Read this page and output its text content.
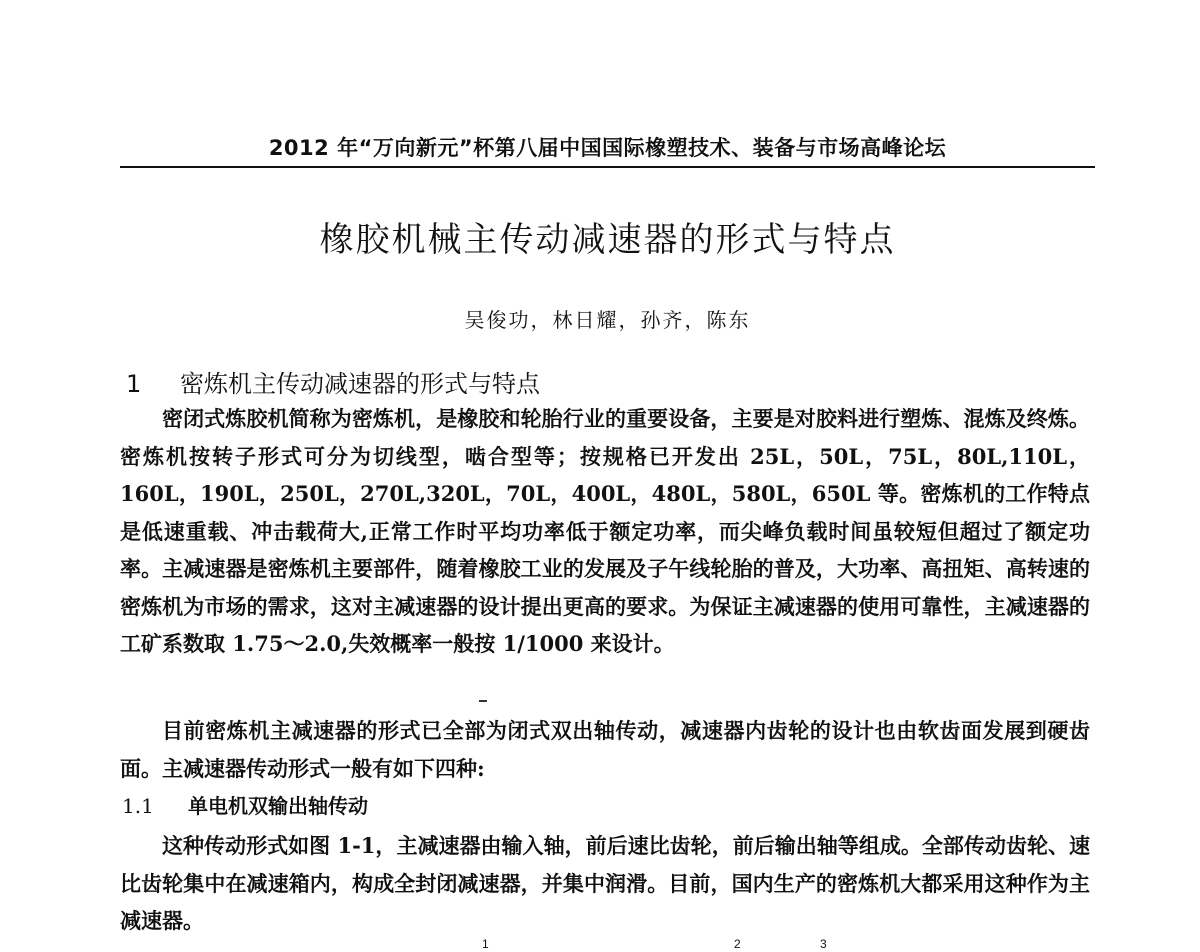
2012 年“万向新元”杯第八届中国国际橡塑技术、装备与市场高峰论坛
橡胶机械主传动减速器的形式与特点
吴俊功，林日耀，孙齐，陈东
1 密炼机主传动减速器的形式与特点
密闭式炼胶机简称为密炼机，是橡胶和轮胎行业的重要设备，主要是对胶料进行塑炼、混炼及终炼。密炼机按转子形式可分为切线型，啮合型等；按规格已开发出 25L，50L，75L，80L,110L，160L，190L，250L，270L,320L，70L，400L，480L，580L，650L 等。密炼机的工作特点是低速重载、冲击载荷大,正常工作时平均功率低于额定功率，而尖峰负载时间虽较短但超过了额定功率。主减速器是密炼机主要部件，随着橡胶工业的发展及子午线轮胎的普及，大功率、高扭矩、高转速的密炼机为市场的需求，这对主减速器的设计提出更高的要求。为保证主减速器的使用可靠性，主减速器的工矿系数取 1.75～2.0,失效概率一般按 1/1000 来设计。
目前密炼机主减速器的形式已全部为闭式双出轴传动，减速器内齿轮的设计也由软齿面发展到硬齿面。主减速器传动形式一般有如下四种:
1.1 单电机双输出轴传动
这种传动形式如图 1-1，主减速器由输入轴，前后速比齿轮，前后输出轴等组成。全部传动齿轮、速比齿轮集中在减速箱内，构成全封闭减速器，并集中润滑。目前，国内生产的密炼机大都采用这种作为主减速器。
1	2	3
